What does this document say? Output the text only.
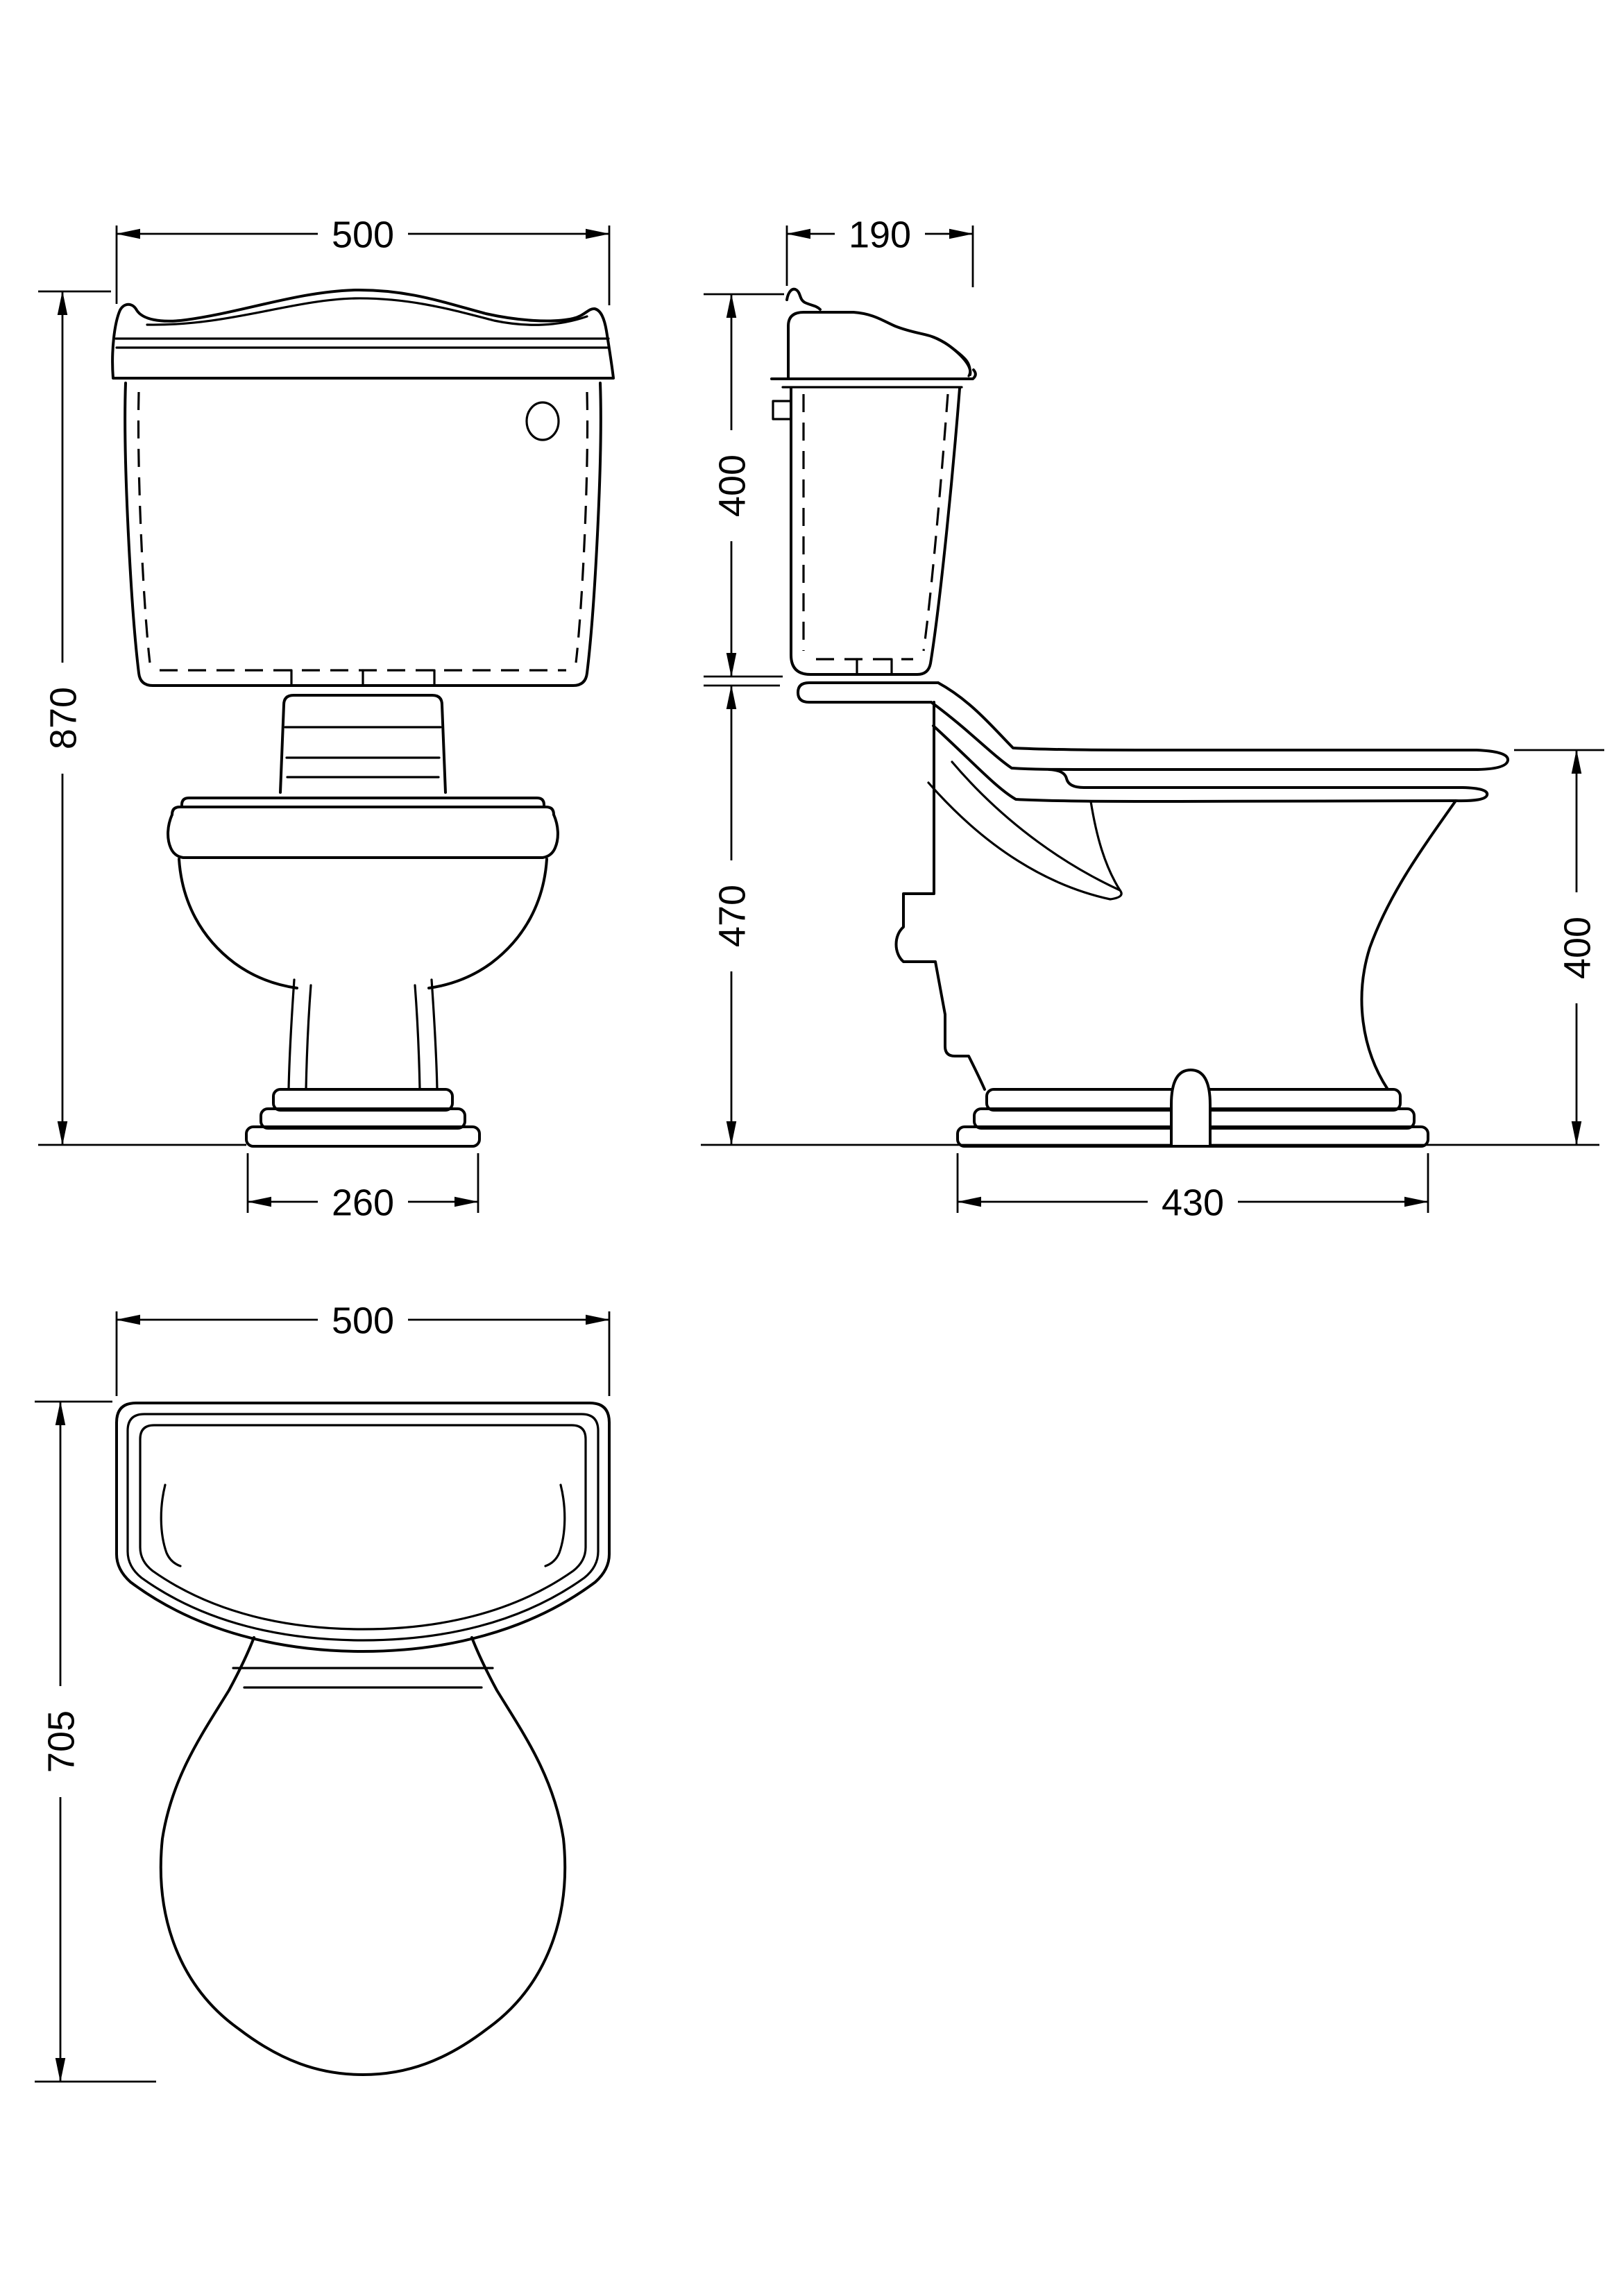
500
870
260
190
400
470
400
430
500
705
